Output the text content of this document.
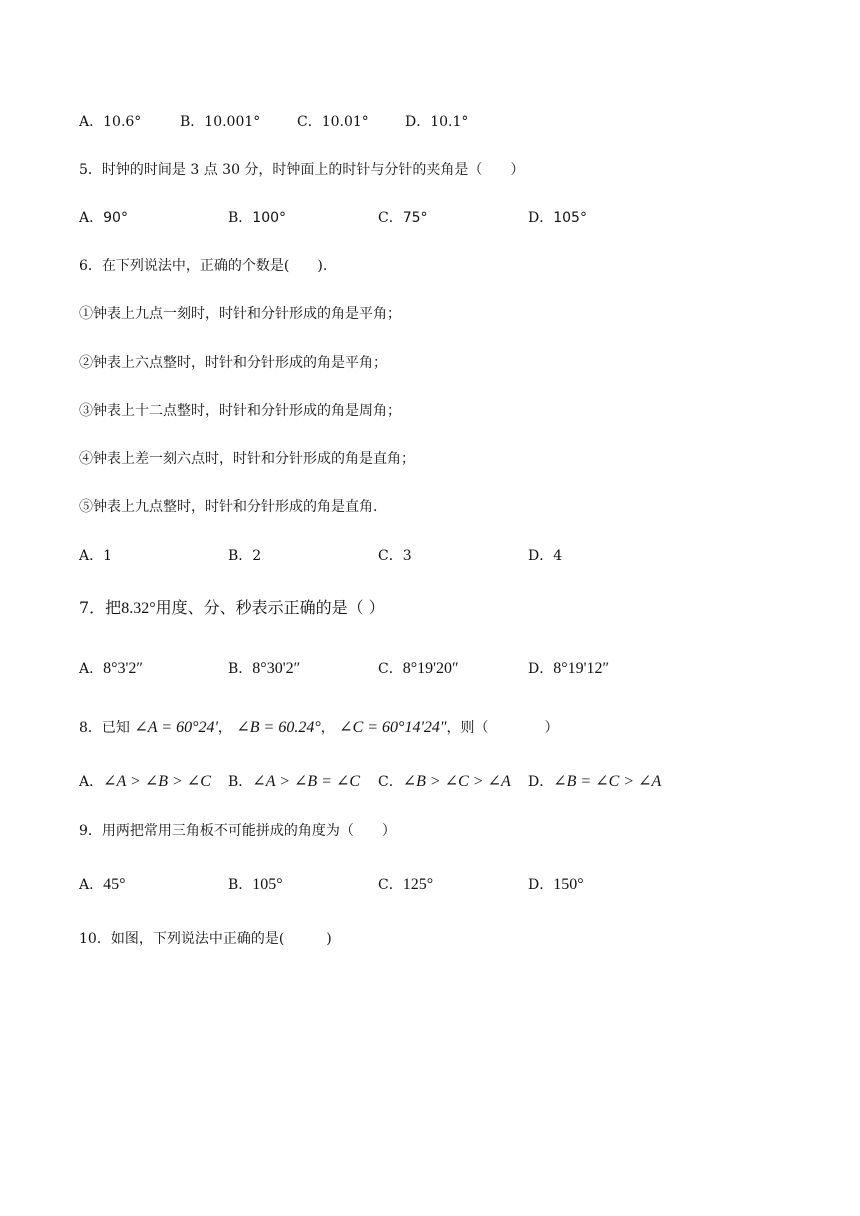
A．10.6°	B．10.001°	C．10.01°	D．10.1°
5．时钟的时间是 3 点 30 分，时钟面上的时针与分针的夹角是（　　）
A．90°	B．100°	C．75°	D．105°
6．在下列说法中，正确的个数是(　　).
①钟表上九点一刻时，时针和分针形成的角是平角；
②钟表上六点整时，时针和分针形成的角是平角；
③钟表上十二点整时，时针和分针形成的角是周角；
④钟表上差一刻六点时，时针和分针形成的角是直角；
⑤钟表上九点整时，时针和分针形成的角是直角.
A．1	B．2	C．3	D．4
7．把8.32°用度、分、秒表示正确的是（ ）
A．8°3'2″	B．8°30'2″	C．8°19'20″	D．8°19'12″
8．已知 ∠A = 60°24'， ∠B = 60.24°， ∠C = 60°14'24″，则（　　　　）
A．∠A > ∠B > ∠C B．∠A > ∠B = ∠C C．∠B > ∠C > ∠A D．∠B = ∠C > ∠A
9．用两把常用三角板不可能拼成的角度为（　　）
A．45°	B．105°	C．125°	D．150°
10．如图，下列说法中正确的是(　　　)
